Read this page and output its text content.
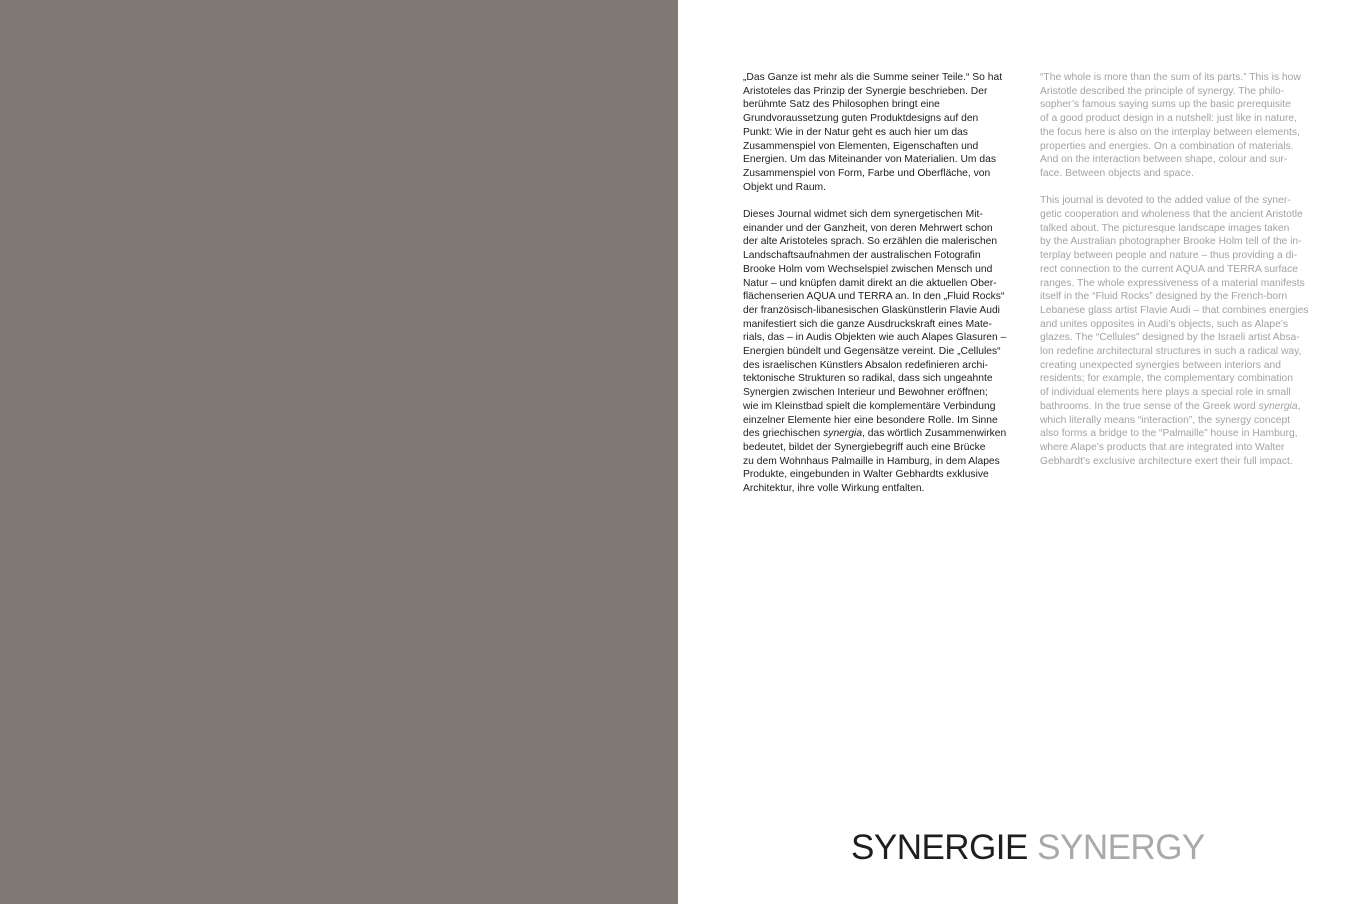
„Das Ganze ist mehr als die Summe seiner Teile.“ So hat
Aristoteles das Prinzip der Synergie beschrieben. Der
berühmte Satz des Philosophen bringt eine
Grundvoraussetzung guten Produktdesigns auf den
Punkt: Wie in der Natur geht es auch hier um das
Zusammenspiel von Elementen, Eigenschaften und
Energien. Um das Miteinander von Materialien. Um das
Zusammenspiel von Form, Farbe und Oberfläche, von
Objekt und Raum.

Dieses Journal widmet sich dem synergetischen Mit-
einander und der Ganzheit, von deren Mehrwert schon
der alte Aristoteles sprach. So erzählen die malerischen
Landschaftsaufnahmen der australischen Fotografin
Brooke Holm vom Wechselspiel zwischen Mensch und
Natur – und knüpfen damit direkt an die aktuellen Ober-
flächenserien AQUA und TERRA an. In den „Fluid Rocks“
der französisch-libanesischen Glaskünstlerin Flavie Audi
manifestiert sich die ganze Ausdruckskraft eines Mate-
rials, das – in Audis Objekten wie auch Alapes Glasuren –
Energien bündelt und Gegensätze vereint. Die „Cellules“
des israelischen Künstlers Absalon redefinieren archi-
tektonische Strukturen so radikal, dass sich ungeahnte
Synergien zwischen Interieur und Bewohner eröffnen;
wie im Kleinstbad spielt die komplementäre Verbindung
einzelner Elemente hier eine besondere Rolle. Im Sinne
des griechischen synergia, das wörtlich Zusammenwirken
bedeutet, bildet der Synergiebegriff auch eine Brücke
zu dem Wohnhaus Palmaille in Hamburg, in dem Alapes
Produkte, eingebunden in Walter Gebhardts exklusive
Architektur, ihre volle Wirkung entfalten.

“The whole is more than the sum of its parts.” This is how
Aristotle described the principle of synergy. The philo-
sopher’s famous saying sums up the basic prerequisite
of a good product design in a nutshell: just like in nature,
the focus here is also on the interplay between elements,
properties and energies. On a combination of materials.
And on the interaction between shape, colour and sur-
face. Between objects and space.

This journal is devoted to the added value of the syner-
getic cooperation and wholeness that the ancient Aristotle
talked about. The picturesque landscape images taken
by the Australian photographer Brooke Holm tell of the in-
terplay between people and nature – thus providing a di-
rect connection to the current AQUA and TERRA surface
ranges. The whole expressiveness of a material manifests
itself in the “Fluid Rocks” designed by the French-born
Lebanese glass artist Flavie Audi – that combines energies
and unites opposites in Audi’s objects, such as Alape’s
glazes. The “Cellules” designed by the Israeli artist Absa-
lon redefine architectural structures in such a radical way,
creating unexpected synergies between interiors and
residents; for example, the complementary combination
of individual elements here plays a special role in small
bathrooms. In the true sense of the Greek word synergia,
which literally means “interaction”, the synergy concept
also forms a bridge to the “Palmaille” house in Hamburg,
where Alape’s products that are integrated into Walter
Gebhardt’s exclusive architecture exert their full impact.

SYNERGIE SYNERGY
